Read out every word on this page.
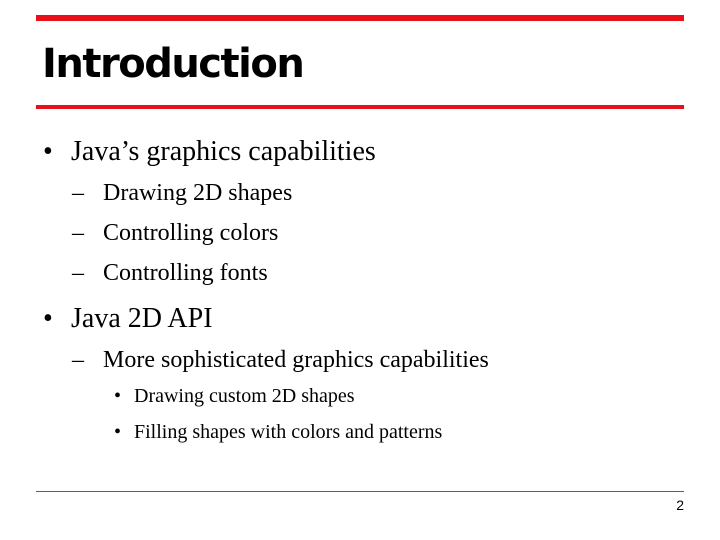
Introduction
• Java’s graphics capabilities
– Drawing 2D shapes
– Controlling colors
– Controlling fonts
• Java 2D API
– More sophisticated graphics capabilities
• Drawing custom 2D shapes
• Filling shapes with colors and patterns
2
